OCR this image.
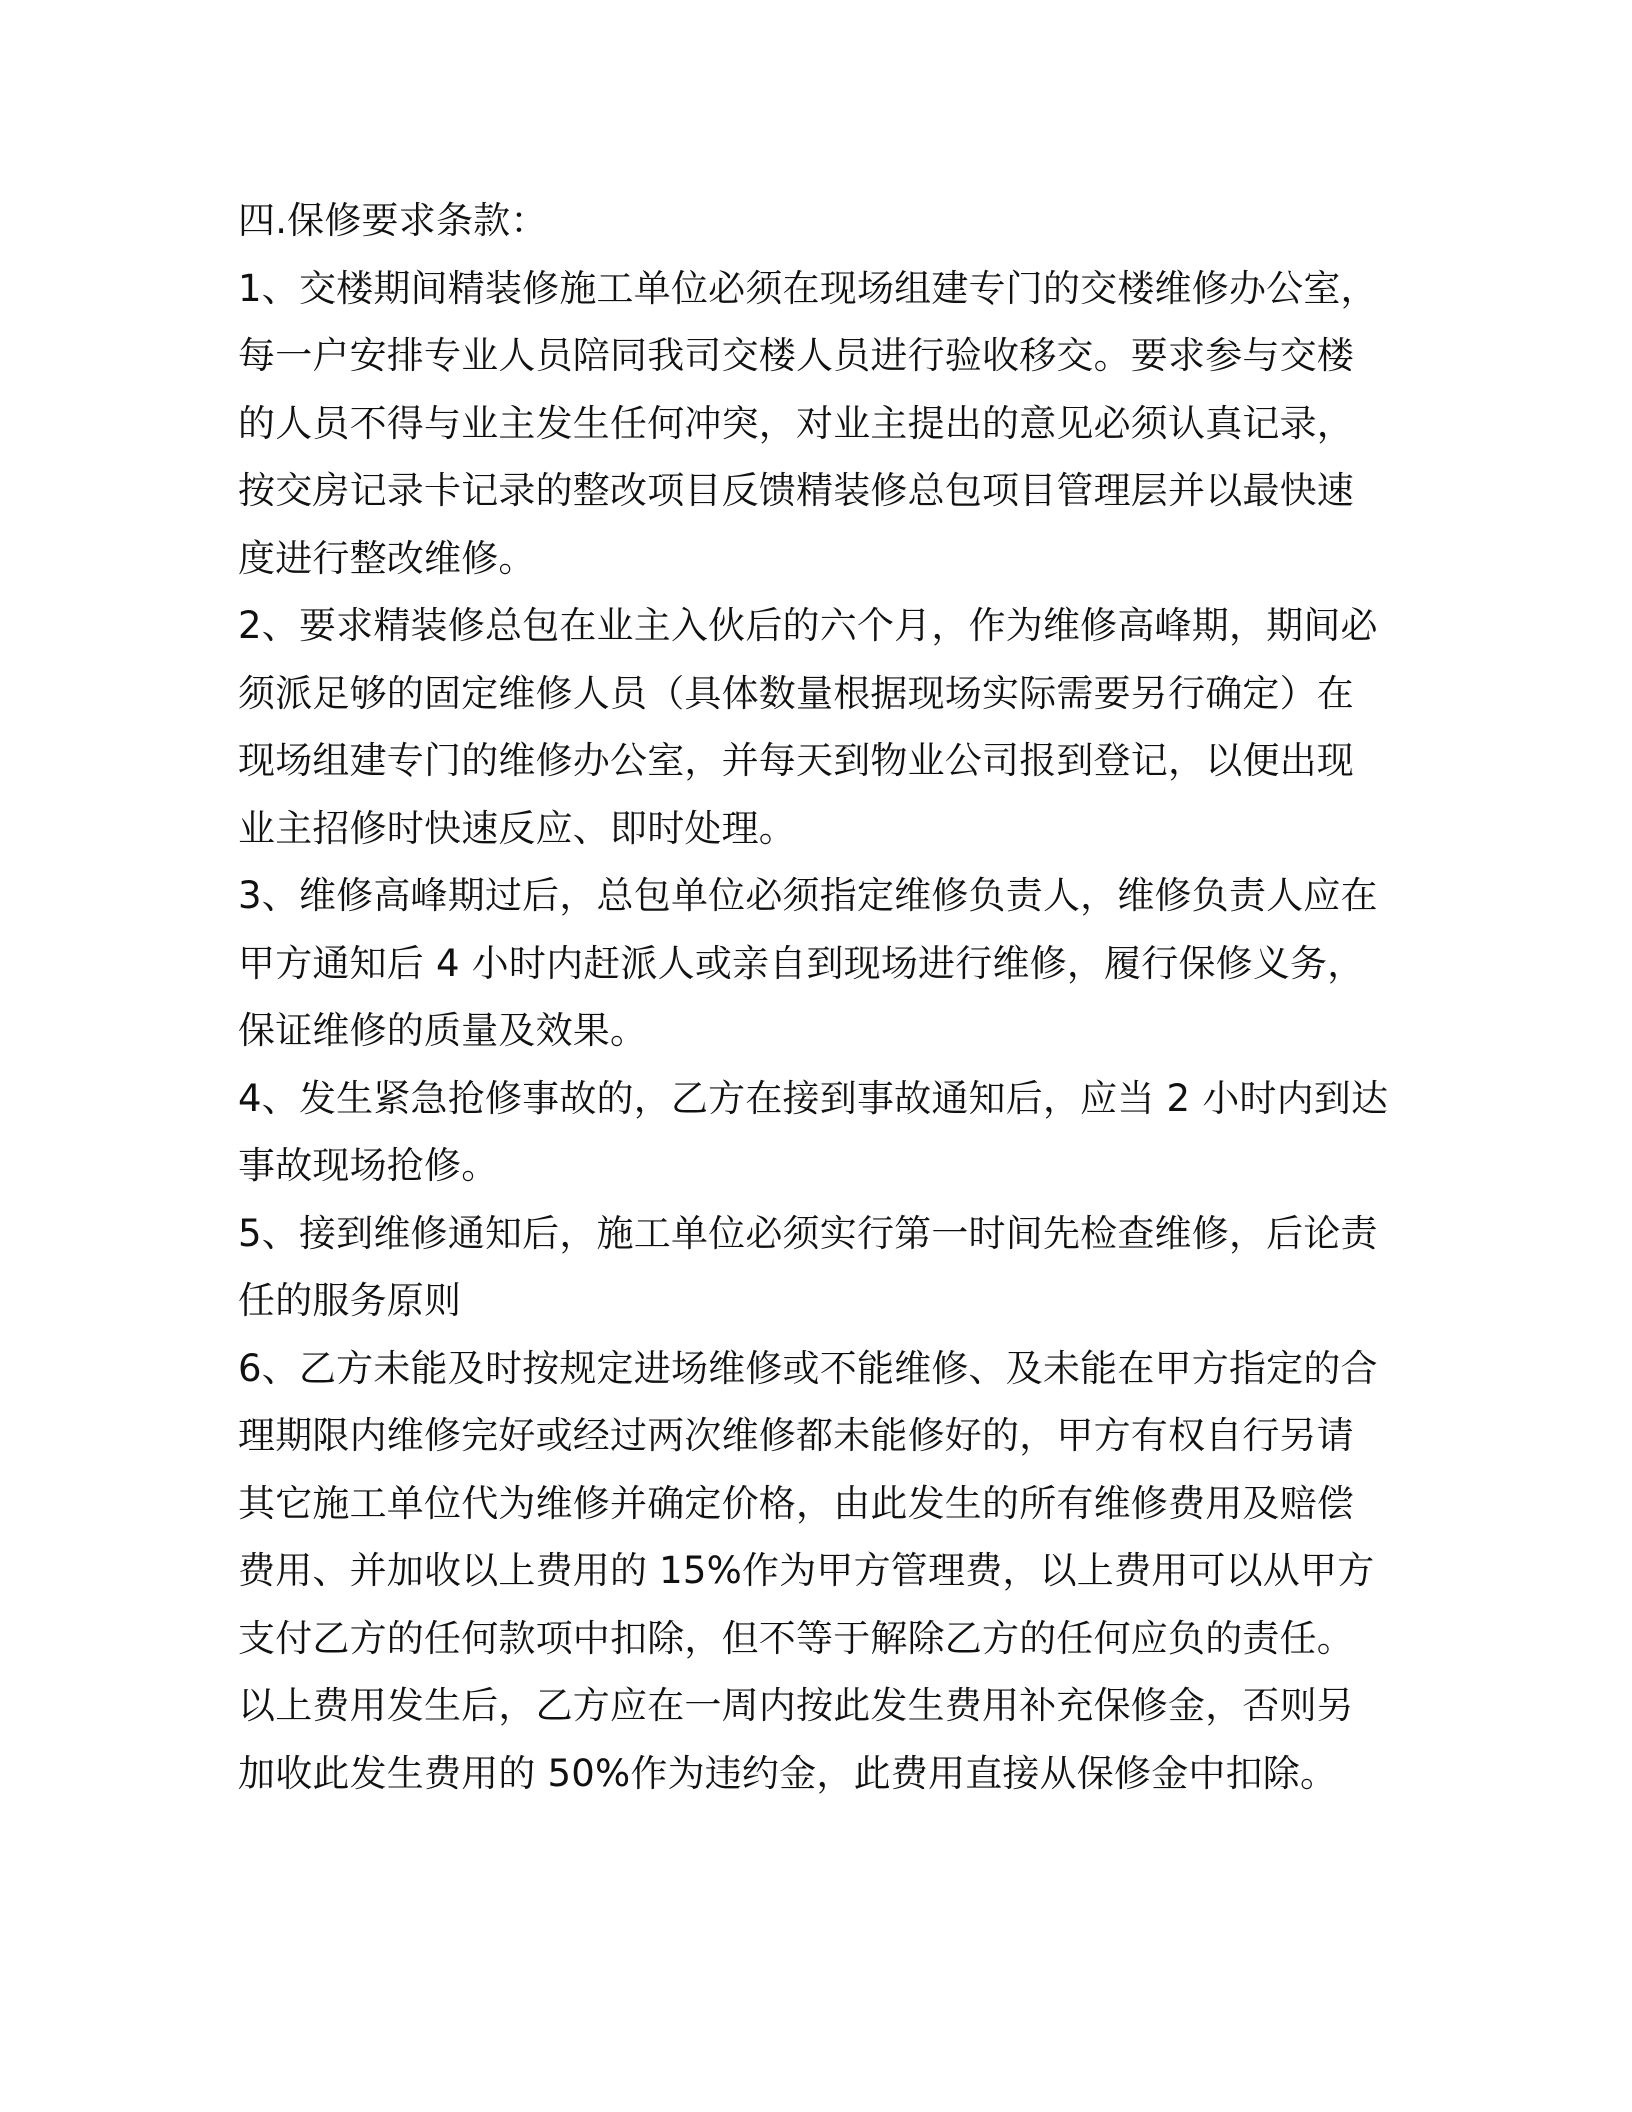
四.保修要求条款：
1、交楼期间精装修施工单位必须在现场组建专门的交楼维修办公室，
每一户安排专业人员陪同我司交楼人员进行验收移交。要求参与交楼
的人员不得与业主发生任何冲突，对业主提出的意见必须认真记录，
按交房记录卡记录的整改项目反馈精装修总包项目管理层并以最快速
度进行整改维修。
2、要求精装修总包在业主入伙后的六个月，作为维修高峰期，期间必
须派足够的固定维修人员（具体数量根据现场实际需要另行确定）在
现场组建专门的维修办公室，并每天到物业公司报到登记，以便出现
业主招修时快速反应、即时处理。
3、维修高峰期过后，总包单位必须指定维修负责人，维修负责人应在
甲方通知后 4 小时内赶派人或亲自到现场进行维修，履行保修义务，
保证维修的质量及效果。
4、发生紧急抢修事故的，乙方在接到事故通知后，应当 2 小时内到达
事故现场抢修。
5、接到维修通知后，施工单位必须实行第一时间先检查维修，后论责
任的服务原则
6、乙方未能及时按规定进场维修或不能维修、及未能在甲方指定的合
理期限内维修完好或经过两次维修都未能修好的，甲方有权自行另请
其它施工单位代为维修并确定价格，由此发生的所有维修费用及赔偿
费用、并加收以上费用的 15%作为甲方管理费，以上费用可以从甲方
支付乙方的任何款项中扣除，但不等于解除乙方的任何应负的责任。
以上费用发生后，乙方应在一周内按此发生费用补充保修金，否则另
加收此发生费用的 50%作为违约金，此费用直接从保修金中扣除。
